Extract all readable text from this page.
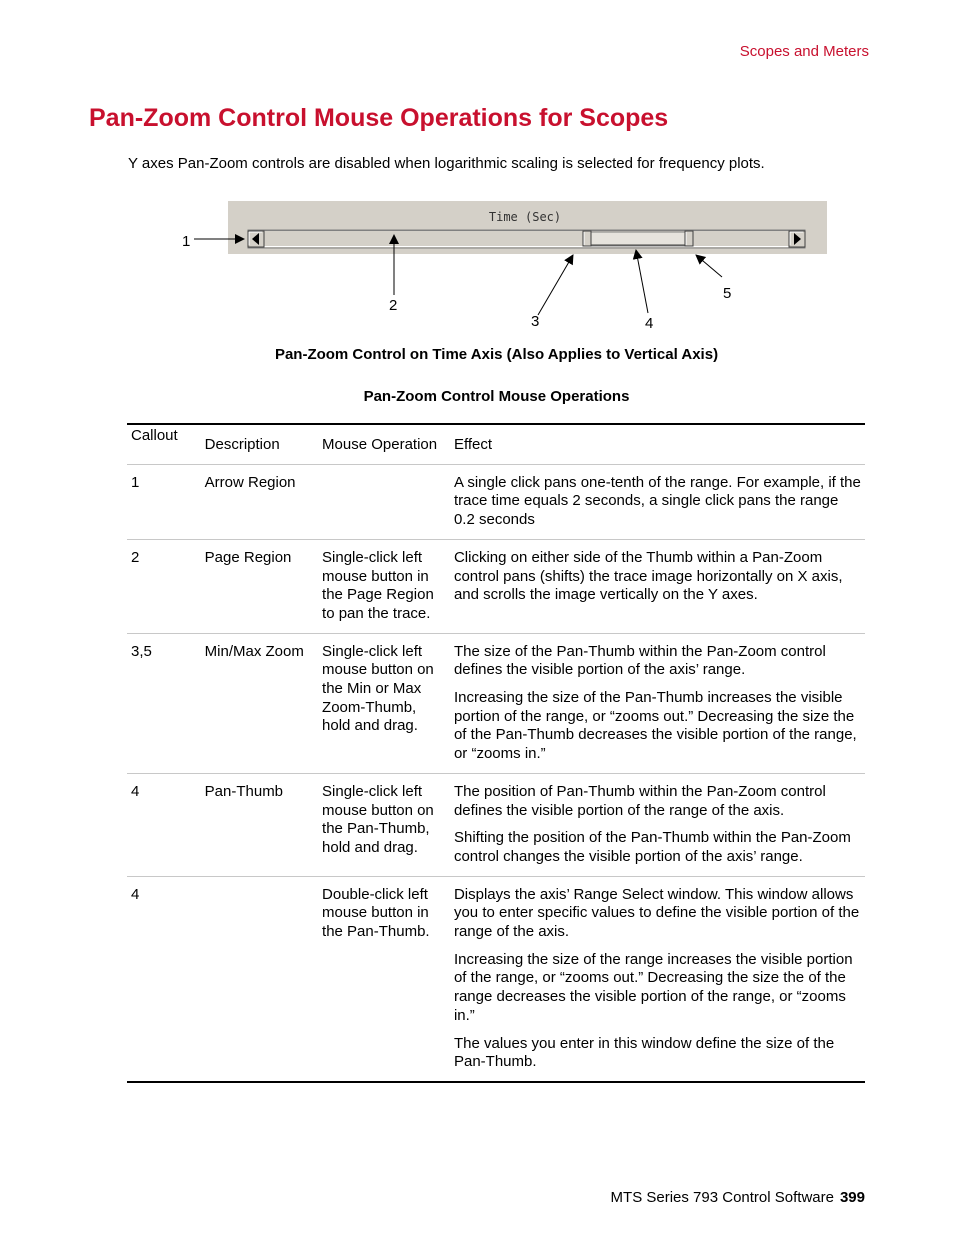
Scopes and Meters
Pan-Zoom Control Mouse Operations for Scopes

Y axes Pan-Zoom controls are disabled when logarithmic scaling is selected for frequency plots.

Time (Sec)
1
2
3	4
5

Pan-Zoom Control on Time Axis (Also Applies to Vertical Axis)

Pan-Zoom Control Mouse Operations

Callout	Description	Mouse Operation	Effect
1	Arrow Region		A single click pans one-tenth of the range. For example, if the trace time equals 2 seconds, a single click pans the range 0.2 seconds

2	Page Region	Single-click left mouse button in the Page Region to pan the trace.	Clicking on either side of the Thumb within a Pan-Zoom control pans (shifts) the trace image horizontally on X axis, and scrolls the image vertically on the Y axes.

3,5	Min/Max Zoom	Single-click left mouse button on the Min or Max Zoom-Thumb, hold and drag.	The size of the Pan-Thumb within the Pan-Zoom control defines the visible portion of the axis’ range.

Increasing the size of the Pan-Thumb increases the visible portion of the range, or “zooms out.” Decreasing the size the of the Pan-Thumb decreases the visible portion of the range, or “zooms in.”

4	Pan-Thumb	Single-click left mouse button on the Pan-Thumb, hold and drag.	The position of Pan-Thumb within the Pan-Zoom control defines the visible portion of the range of the axis.

Shifting the position of the Pan-Thumb within the Pan-Zoom control changes the visible portion of the axis’ range.

4		Double-click left mouse button in the Pan-Thumb.	Displays the axis’ Range Select window. This window allows you to enter specific values to define the visible portion of the range of the axis.

Increasing the size of the range increases the visible portion of the range, or “zooms out.” Decreasing the size the of the range decreases the visible portion of the range, or “zooms in.”

The values you enter in this window define the size of the Pan-Thumb.

MTS Series 793 Control Software 399
